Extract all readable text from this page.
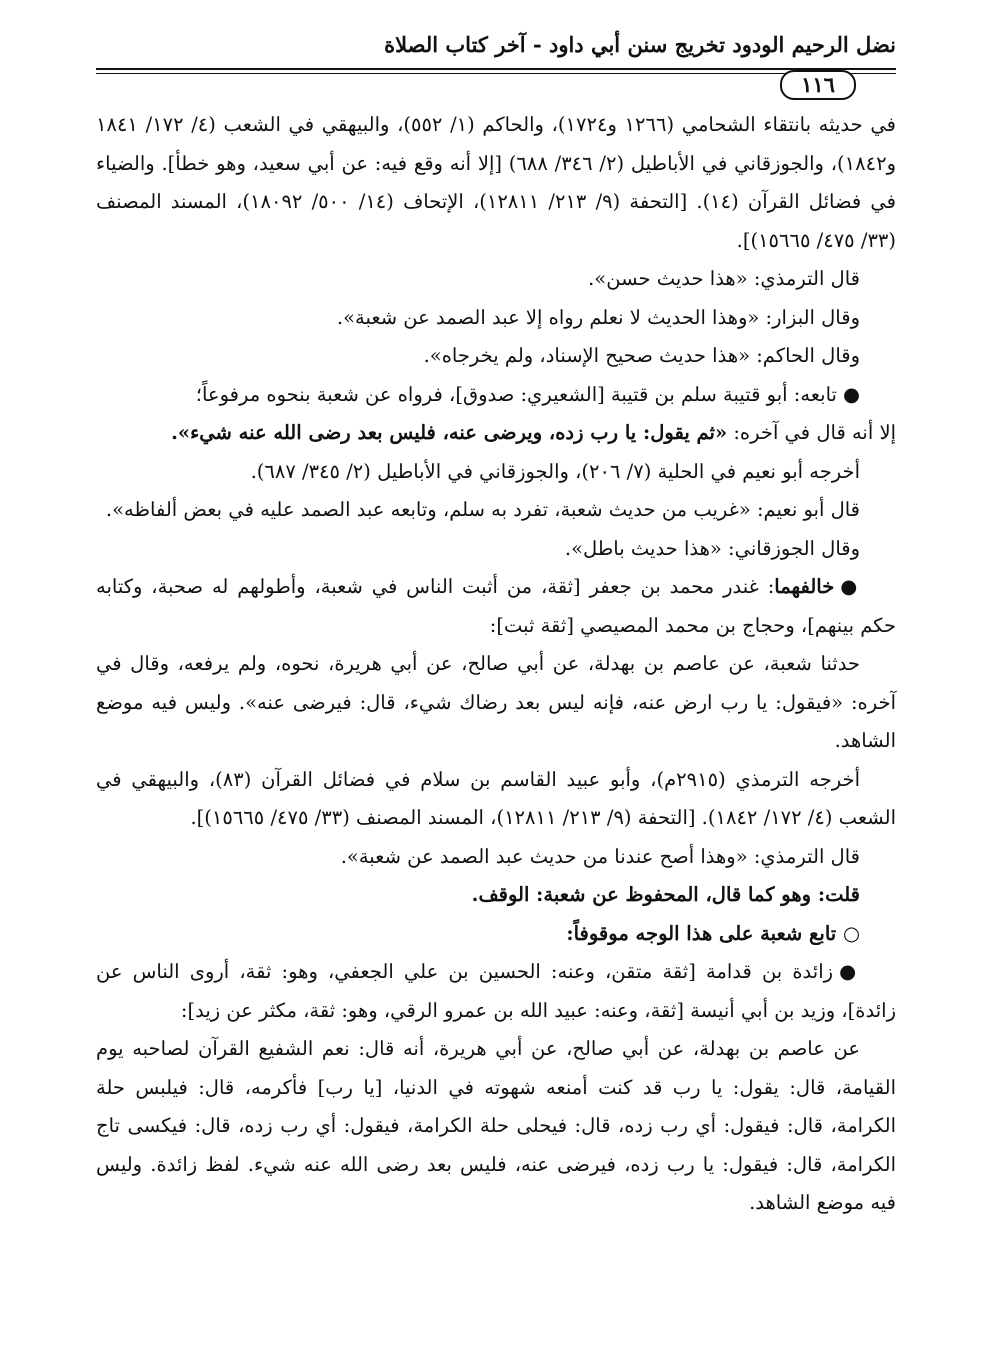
نضل الرحيم الودود تخريج سنن أبي داود - آخر كتاب الصلاة
١١٦

في حديثه بانتقاء الشحامي (١٢٦٦ و١٧٢٤)، والحاكم (١/ ٥٥٢)، والبيهقي في الشعب (٤/ ١٧٢/ ١٨٤١ و١٨٤٢)، والجوزقاني في الأباطيل (٢/ ٣٤٦/ ٦٨٨) [إلا أنه وقع فيه: عن أبي سعيد، وهو خطأ]. والضياء في فضائل القرآن (١٤). [التحفة (٩/ ٢١٣/ ١٢٨١١)، الإتحاف (١٤/ ٥٠٠/ ١٨٠٩٢)، المسند المصنف (٣٣/ ٤٧٥/ ١٥٦٦٥)].

قال الترمذي: «هذا حديث حسن».

وقال البزار: «وهذا الحديث لا نعلم رواه إلا عبد الصمد عن شعبة».

وقال الحاكم: «هذا حديث صحيح الإسناد، ولم يخرجاه».

●تابعه: أبو قتيبة سلم بن قتيبة [الشعيري: صدوق]، فرواه عن شعبة بنحوه مرفوعاً؛

إلا أنه قال في آخره: «ثم يقول: يا رب زده، ويرضى عنه، فليس بعد رضى الله عنه شيء».

أخرجه أبو نعيم في الحلية (٧/ ٢٠٦)، والجوزقاني في الأباطيل (٢/ ٣٤٥/ ٦٨٧).

قال أبو نعيم: «غريب من حديث شعبة، تفرد به سلم، وتابعه عبد الصمد عليه في بعض ألفاظه».

وقال الجوزقاني: «هذا حديث باطل».

●خالفهما: غندر محمد بن جعفر [ثقة، من أثبت الناس في شعبة، وأطولهم له صحبة، وكتابه حكم بينهم]، وحجاج بن محمد المصيصي [ثقة ثبت]:

حدثنا شعبة، عن عاصم بن بهدلة، عن أبي صالح، عن أبي هريرة، نحوه، ولم يرفعه، وقال في آخره: «فيقول: يا رب ارض عنه، فإنه ليس بعد رضاك شيء، قال: فيرضى عنه». وليس فيه موضع الشاهد.

أخرجه الترمذي (٢٩١٥م)، وأبو عبيد القاسم بن سلام في فضائل القرآن (٨٣)، والبيهقي في الشعب (٤/ ١٧٢/ ١٨٤٢). [التحفة (٩/ ٢١٣/ ١٢٨١١)، المسند المصنف (٣٣/ ٤٧٥/ ١٥٦٦٥)].

قال الترمذي: «وهذا أصح عندنا من حديث عبد الصمد عن شعبة».

قلت: وهو كما قال، المحفوظ عن شعبة: الوقف.

○ تابع شعبة على هذا الوجه موقوفاً:

●زائدة بن قدامة [ثقة متقن، وعنه: الحسين بن علي الجعفي، وهو: ثقة، أروى الناس عن زائدة]، وزيد بن أبي أنيسة [ثقة، وعنه: عبيد الله بن عمرو الرقي، وهو: ثقة، مكثر عن زيد]:

عن عاصم بن بهدلة، عن أبي صالح، عن أبي هريرة، أنه قال: نعم الشفيع القرآن لصاحبه يوم القيامة، قال: يقول: يا رب قد كنت أمنعه شهوته في الدنيا، [يا رب] فأكرمه، قال: فيلبس حلة الكرامة، قال: فيقول: أي رب زده، قال: فيحلى حلة الكرامة، فيقول: أي رب زده، قال: فيكسى تاج الكرامة، قال: فيقول: يا رب زده، فيرضى عنه، فليس بعد رضى الله عنه شيء. لفظ زائدة. وليس فيه موضع الشاهد.
